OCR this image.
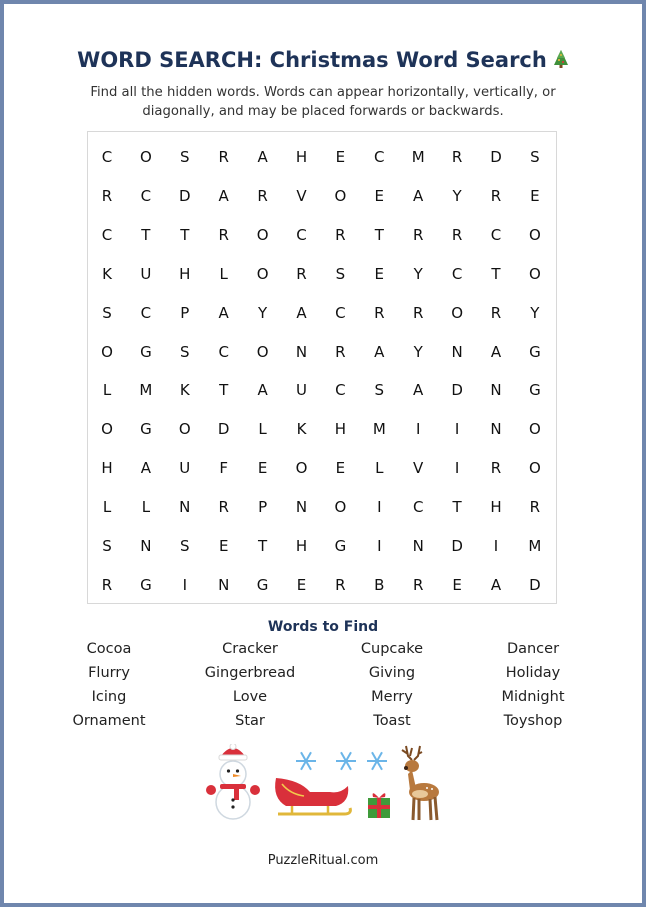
WORD SEARCH: Christmas Word Search
Find all the hidden words. Words can appear horizontally, vertically, or diagonally, and may be placed forwards or backwards.
C	O	S	R	A	H	E	C	M	R	D	S
R	C	D	A	R	V	O	E	A	Y	R	E
C	T	T	R	O	C	R	T	R	R	C	O
K	U	H	L	O	R	S	E	Y	C	T	O
S	C	P	A	Y	A	C	R	R	O	R	Y
O	G	S	C	O	N	R	A	Y	N	A	G
L	M	K	T	A	U	C	S	A	D	N	G
O	G	O	D	L	K	H	M	I	I	N	O
H	A	U	F	E	O	E	L	V	I	R	O
L	L	N	R	P	N	O	I	C	T	H	R
S	N	S	E	T	H	G	I	N	D	I	M
R	G	I	N	G	E	R	B	R	E	A	D
Words to Find
Cocoa	Cracker	Cupcake	Dancer
Flurry	Gingerbread	Giving	Holiday
Icing	Love	Merry	Midnight
Ornament	Star	Toast	Toyshop
PuzzleRitual.com
